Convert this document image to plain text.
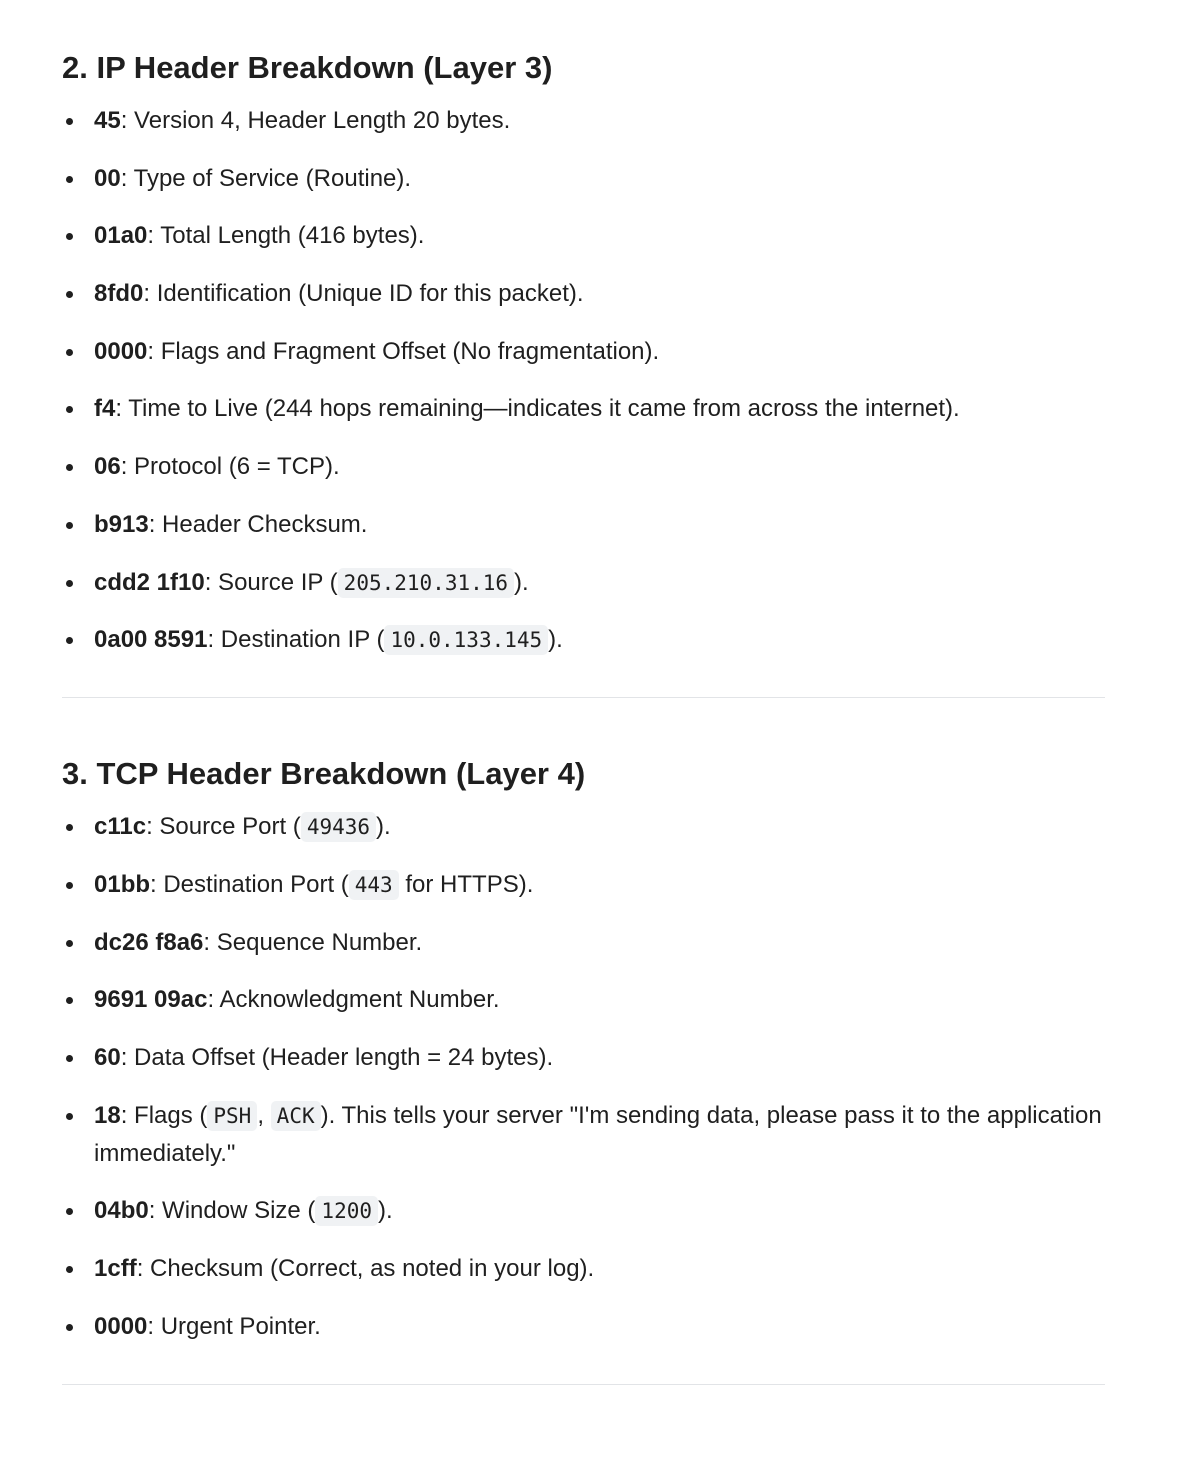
2. IP Header Breakdown (Layer 3)
45: Version 4, Header Length 20 bytes.
00: Type of Service (Routine).
01a0: Total Length (416 bytes).
8fd0: Identification (Unique ID for this packet).
0000: Flags and Fragment Offset (No fragmentation).
f4: Time to Live (244 hops remaining—indicates it came from across the internet).
06: Protocol (6 = TCP).
b913: Header Checksum.
cdd2 1f10: Source IP ( 205.210.31.16 ).
0a00 8591: Destination IP ( 10.0.133.145 ).
3. TCP Header Breakdown (Layer 4)
c11c: Source Port ( 49436 ).
01bb: Destination Port ( 443 for HTTPS).
dc26 f8a6: Sequence Number.
9691 09ac: Acknowledgment Number.
60: Data Offset (Header length = 24 bytes).
18: Flags ( PSH , ACK ). This tells your server "I'm sending data, please pass it to the application immediately."
04b0: Window Size ( 1200 ).
1cff: Checksum (Correct, as noted in your log).
0000: Urgent Pointer.
